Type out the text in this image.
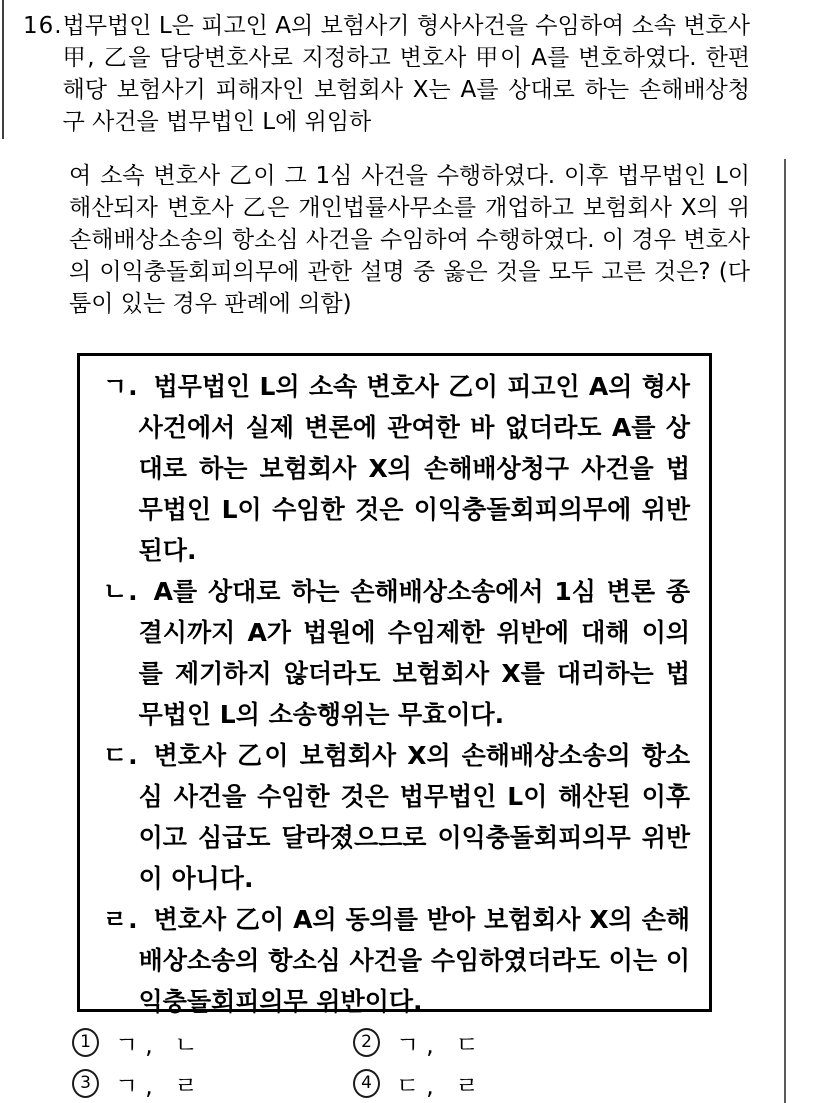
16. 법무법인 L은 피고인 A의 보험사기 형사사건을 수임하여 소속 변호사 甲, 乙을 담당변호사로 지정하고 변호사 甲이 A를 변호하였다. 한편 해당 보험사기 피해자인 보험회사 X는 A를 상대로 하는 손해배상청구 사건을 법무법인 L에 위임하

여 소속 변호사 乙이 그 1심 사건을 수행하였다. 이후 법무법인 L이 해산되자 변호사 乙은 개인법률사무소를 개업하고 보험회사 X의 위 손해배상소송의 항소심 사건을 수임하여 수행하였다. 이 경우 변호사의 이익충돌회피의무에 관한 설명 중 옳은 것을 모두 고른 것은? (다툼이 있는 경우 판례에 의함)

ㄱ. 법무법인 L의 소속 변호사 乙이 피고인 A의 형사사건에서 실제 변론에 관여한 바 없더라도 A를 상대로 하는 보험회사 X의 손해배상청구 사건을 법무법인 L이 수임한 것은 이익충돌회피의무에 위반된다.

ㄴ. A를 상대로 하는 손해배상소송에서 1심 변론 종결시까지 A가 법원에 수임제한 위반에 대해 이의를 제기하지 않더라도 보험회사 X를 대리하는 법무법인 L의 소송행위는 무효이다.

ㄷ. 변호사 乙이 보험회사 X의 손해배상소송의 항소심 사건을 수임한 것은 법무법인 L이 해산된 이후이고 심급도 달라졌으므로 이익충돌회피의무 위반이 아니다.

ㄹ. 변호사 乙이 A의 동의를 받아 보험회사 X의 손해배상소송의 항소심 사건을 수임하였더라도 이는 이익충돌회피의무 위반이다.

1	ㄱ, ㄴ	2	ㄱ, ㄷ
3	ㄱ, ㄹ	4	ㄷ, ㄹ
